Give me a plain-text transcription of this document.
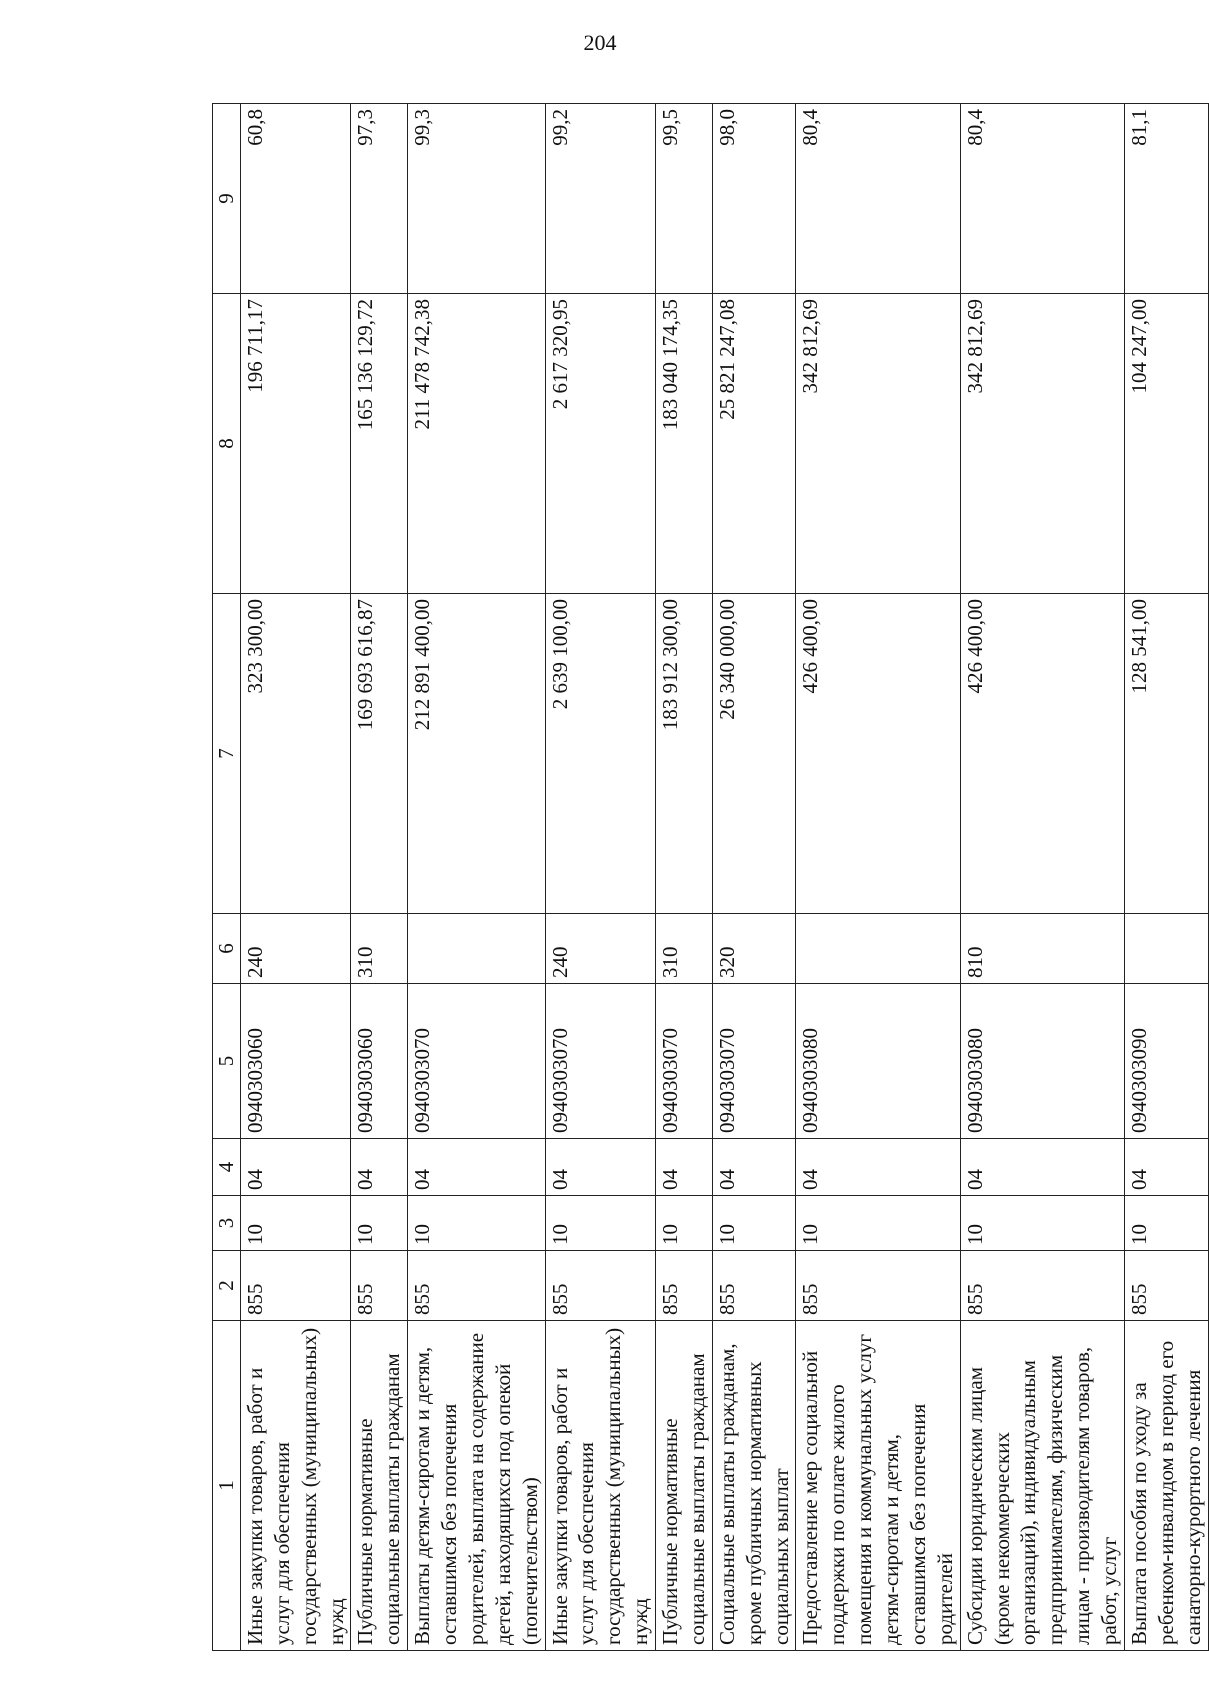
204
1	2	3	4	5	6	7	8	9
Иные закупки товаров, работ и услуг для обеспечения государственных (муниципальных) нужд	855	10	04	0940303060	240	323 300,00	196 711,17	60,8
Публичные нормативные социальные выплаты гражданам	855	10	04	0940303060	310	169 693 616,87	165 136 129,72	97,3
Выплаты детям-сиротам и детям, оставшимся без попечения родителей, выплата на содержание детей, находящихся под опекой (попечительством)	855	10	04	0940303070		212 891 400,00	211 478 742,38	99,3
Иные закупки товаров, работ и услуг для обеспечения государственных (муниципальных) нужд	855	10	04	0940303070	240	2 639 100,00	2 617 320,95	99,2
Публичные нормативные социальные выплаты гражданам	855	10	04	0940303070	310	183 912 300,00	183 040 174,35	99,5
Социальные выплаты гражданам, кроме публичных нормативных социальных выплат	855	10	04	0940303070	320	26 340 000,00	25 821 247,08	98,0
Предоставление мер социальной поддержки по оплате жилого помещения и коммунальных услуг детям-сиротам и детям, оставшимся без попечения родителей	855	10	04	0940303080		426 400,00	342 812,69	80,4
Субсидии юридическим лицам (кроме некоммерческих организаций), индивидуальным предпринимателям, физическим лицам - производителям товаров, работ, услуг	855	10	04	0940303080	810	426 400,00	342 812,69	80,4
Выплата пособия по уходу за ребенком-инвалидом в период его санаторно-курортного лечения	855	10	04	0940303090		128 541,00	104 247,00	81,1
